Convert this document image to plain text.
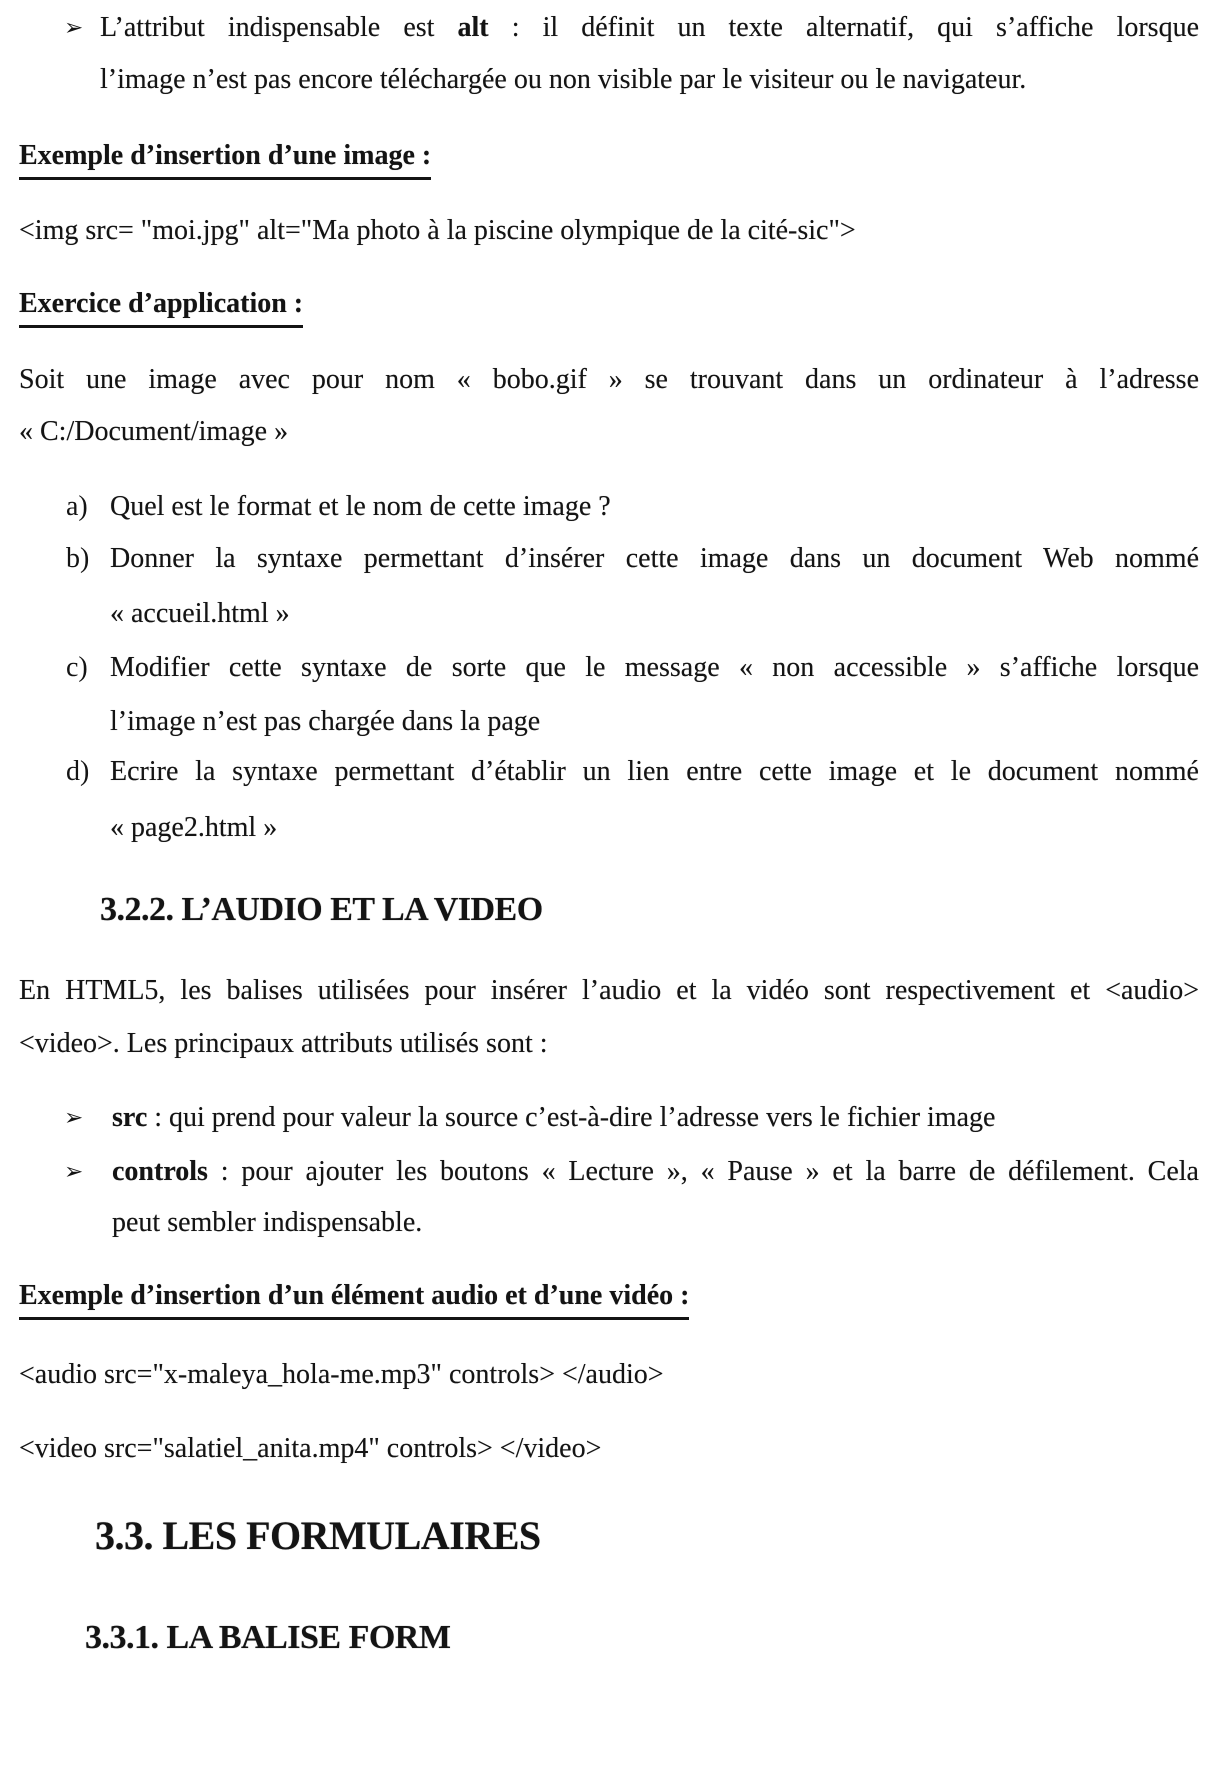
➢ L’attribut indispensable est alt : il définit un texte alternatif, qui s’affiche lorsque
l’image n’est pas encore téléchargée ou non visible par le visiteur ou le navigateur.
Exemple d’insertion d’une image :
<img src= "moi.jpg" alt="Ma photo à la piscine olympique de la cité-sic">
Exercice d’application :
Soit une image avec pour nom « bobo.gif » se trouvant dans un ordinateur à l’adresse
« C:/Document/image »
a) Quel est le format et le nom de cette image ?
b) Donner la syntaxe permettant d’insérer cette image dans un document Web nommé
« accueil.html »
c) Modifier cette syntaxe de sorte que le message « non accessible » s’affiche lorsque
l’image n’est pas chargée dans la page
d) Ecrire la syntaxe permettant d’établir un lien entre cette image et le document nommé
« page2.html »
3.2.2. L’AUDIO ET LA VIDEO
En HTML5, les balises utilisées pour insérer l’audio et la vidéo sont respectivement et <audio>
<video>. Les principaux attributs utilisés sont :
➢ src : qui prend pour valeur la source c’est-à-dire l’adresse vers le fichier image
➢ controls : pour ajouter les boutons « Lecture », « Pause » et la barre de défilement. Cela
peut sembler indispensable.
Exemple d’insertion d’un élément audio et d’une vidéo :
<audio src="x-maleya_hola-me.mp3" controls> </audio>
<video src="salatiel_anita.mp4" controls> </video>
3.3. LES FORMULAIRES
3.3.1. LA BALISE FORM
